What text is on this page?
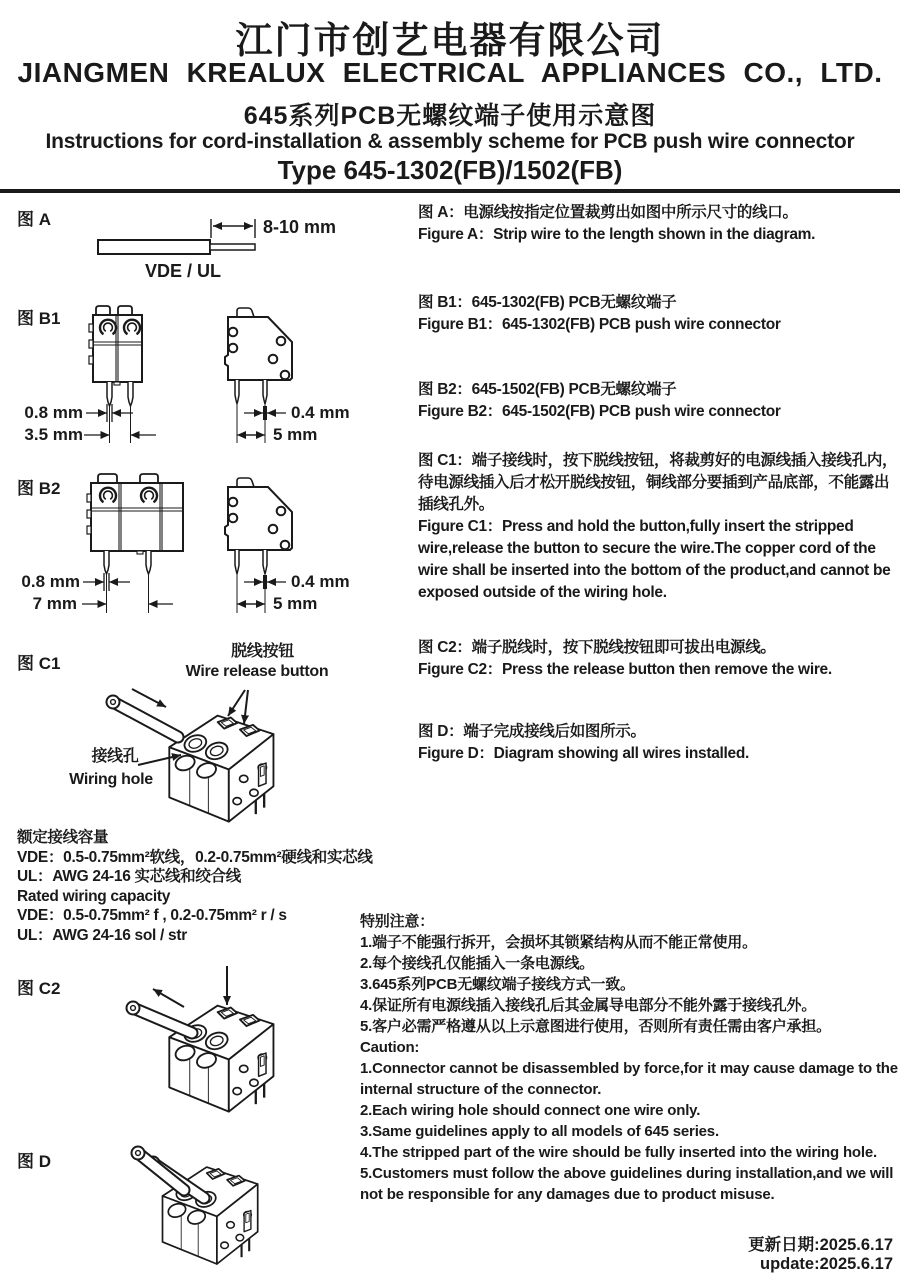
江门市创艺电器有限公司
JIANGMEN KREALUX ELECTRICAL APPLIANCES CO., LTD.
645系列PCB无螺纹端子使用示意图
Instructions for cord-installation & assembly scheme for PCB push wire connector
Type 645-1302(FB)/1502(FB)
图 A
图 B1
图 B2
图 C1
图 C2
图 D
8-10 mm
VDE / UL
0.8 mm
3.5 mm
0.4 mm
5 mm
0.8 mm
7 mm
0.4 mm
5 mm
脱线按钮
Wire release button
接线孔
Wiring hole
额定接线容量
VDE：0.5-0.75mm²软线，0.2-0.75mm²硬线和实芯线
UL：AWG 24-16 实芯线和绞合线
Rated wiring capacity
VDE：0.5-0.75mm² f , 0.2-0.75mm² r / s
UL：AWG 24-16 sol / str
图 A：电源线按指定位置裁剪出如图中所示尺寸的线口。
Figure A：Strip wire to the length shown in the diagram.
图 B1：645-1302(FB) PCB无螺纹端子
Figure B1：645-1302(FB) PCB push wire connector
图 B2：645-1502(FB) PCB无螺纹端子
Figure B2：645-1502(FB) PCB push wire connector
图 C1：端子接线时，按下脱线按钮，将裁剪好的电源线插入接线孔内，待电源线插入后才松开脱线按钮，铜线部分要插到产品底部，不能露出插线孔外。
Figure C1：Press and hold the button,fully insert the stripped wire,release the button to secure the wire.The copper cord of the wire shall be inserted into the bottom of the product,and cannot be exposed outside of the wiring hole.
图 C2：端子脱线时，按下脱线按钮即可拔出电源线。
Figure C2：Press the release button then remove the wire.
图 D：端子完成接线后如图所示。
Figure D：Diagram showing all wires installed.
特别注意：
1.端子不能强行拆开，会损坏其锁紧结构从而不能正常使用。
2.每个接线孔仅能插入一条电源线。
3.645系列PCB无螺纹端子接线方式一致。
4.保证所有电源线插入接线孔后其金属导电部分不能外露于接线孔外。
5.客户必需严格遵从以上示意图进行使用，否则所有责任需由客户承担。
Caution:
1.Connector cannot be disassembled by force,for it may cause damage to the internal structure of the connector.
2.Each wiring hole should connect one wire only.
3.Same guidelines apply to all models of 645 series.
4.The stripped part of the wire should be fully inserted into the wiring hole.
5.Customers must follow the above guidelines during installation,and we will not be responsible for any damages due to product misuse.
更新日期:2025.6.17
update:2025.6.17
